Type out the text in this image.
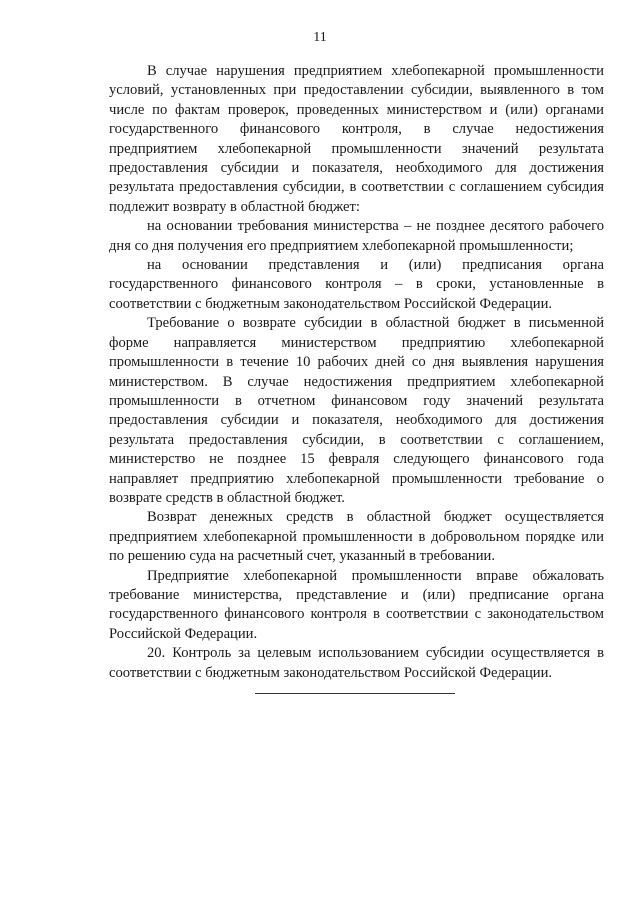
11

В случае нарушения предприятием хлебопекарной промышленности условий, установленных при предоставлении субсидии, выявленного в том числе по фактам проверок, проведенных министерством и (или) органами государственного финансового контроля, в случае недостижения предприятием хлебопекарной промышленности значений результата предоставления субсидии и показателя, необходимого для достижения результата предоставления субсидии, в соответствии с соглашением субсидия подлежит возврату в областной бюджет:

на основании требования министерства – не позднее десятого рабочего дня со дня получения его предприятием хлебопекарной промышленности;

на основании представления и (или) предписания органа государственного финансового контроля – в сроки, установленные в соответствии с бюджетным законодательством Российской Федерации.

Требование о возврате субсидии в областной бюджет в письменной форме направляется министерством предприятию хлебопекарной промышленности в течение 10 рабочих дней со дня выявления нарушения министерством. В случае недостижения предприятием хлебопекарной промышленности в отчетном финансовом году значений результата предоставления субсидии и показателя, необходимого для достижения результата предоставления субсидии, в соответствии с соглашением, министерство не позднее 15 февраля следующего финансового года направляет предприятию хлебопекарной промышленности требование о возврате средств в областной бюджет.

Возврат денежных средств в областной бюджет осуществляется предприятием хлебопекарной промышленности в добровольном порядке или по решению суда на расчетный счет, указанный в требовании.

Предприятие хлебопекарной промышленности вправе обжаловать требование министерства, представление и (или) предписание органа государственного финансового контроля в соответствии с законодательством Российской Федерации.

20. Контроль за целевым использованием субсидии осуществляется в соответствии с бюджетным законодательством Российской Федерации.
